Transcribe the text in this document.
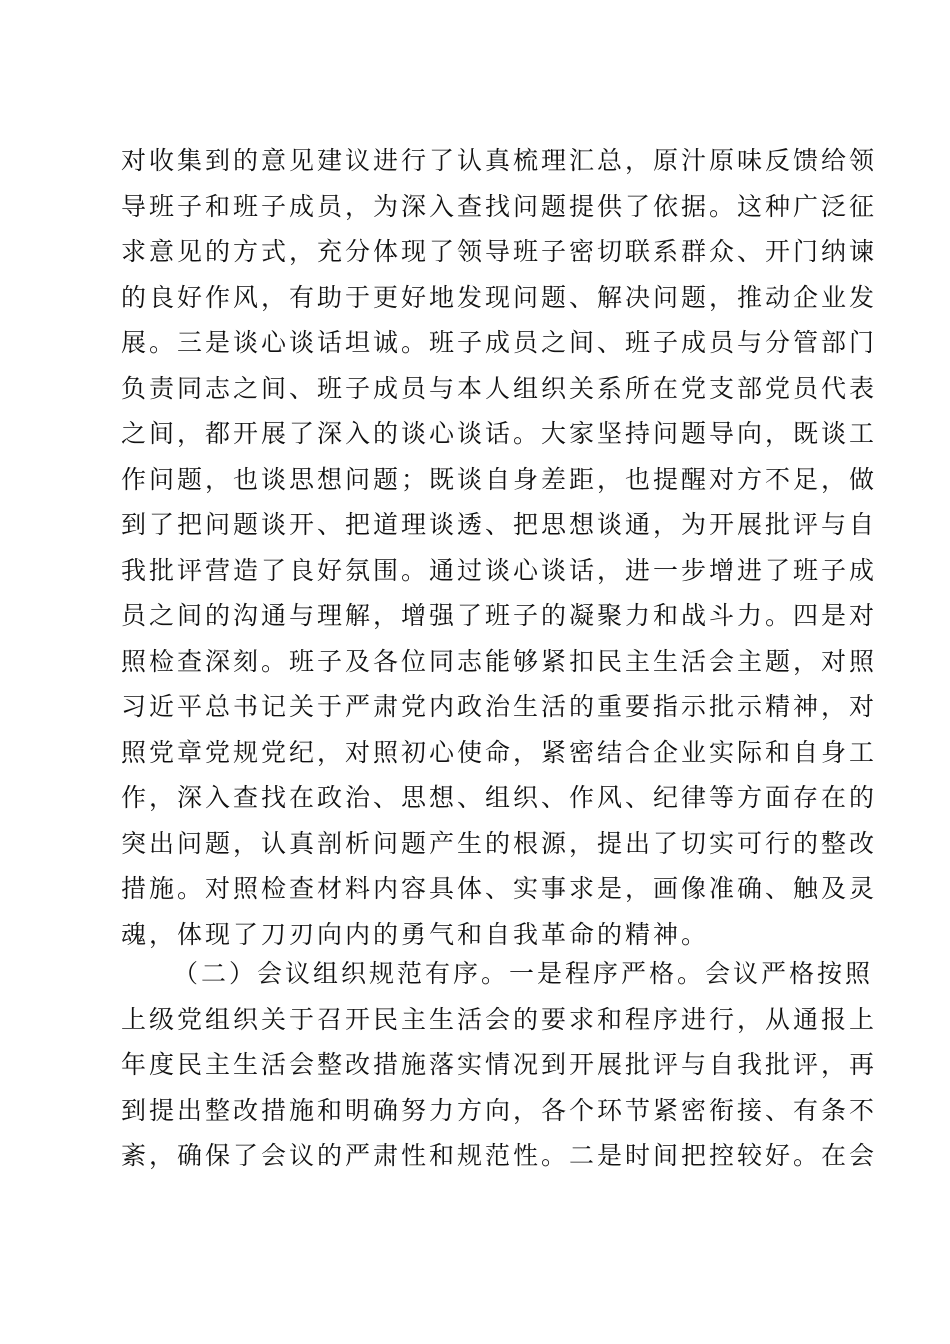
对收集到的意见建议进行了认真梳理汇总，原汁原味反馈给领
导班子和班子成员，为深入查找问题提供了依据。这种广泛征
求意见的方式，充分体现了领导班子密切联系群众、开门纳谏
的良好作风，有助于更好地发现问题、解决问题，推动企业发
展。三是谈心谈话坦诚。班子成员之间、班子成员与分管部门
负责同志之间、班子成员与本人组织关系所在党支部党员代表
之间，都开展了深入的谈心谈话。大家坚持问题导向，既谈工
作问题，也谈思想问题；既谈自身差距，也提醒对方不足，做
到了把问题谈开、把道理谈透、把思想谈通，为开展批评与自
我批评营造了良好氛围。通过谈心谈话，进一步增进了班子成
员之间的沟通与理解，增强了班子的凝聚力和战斗力。四是对
照检查深刻。班子及各位同志能够紧扣民主生活会主题，对照
习近平总书记关于严肃党内政治生活的重要指示批示精神，对
照党章党规党纪，对照初心使命，紧密结合企业实际和自身工
作，深入查找在政治、思想、组织、作风、纪律等方面存在的
突出问题，认真剖析问题产生的根源，提出了切实可行的整改
措施。对照检查材料内容具体、实事求是，画像准确、触及灵
魂，体现了刀刃向内的勇气和自我革命的精神。
（二）会议组织规范有序。一是程序严格。会议严格按照
上级党组织关于召开民主生活会的要求和程序进行，从通报上
年度民主生活会整改措施落实情况到开展批评与自我批评，再
到提出整改措施和明确努力方向，各个环节紧密衔接、有条不
紊，确保了会议的严肃性和规范性。二是时间把控较好。在会
